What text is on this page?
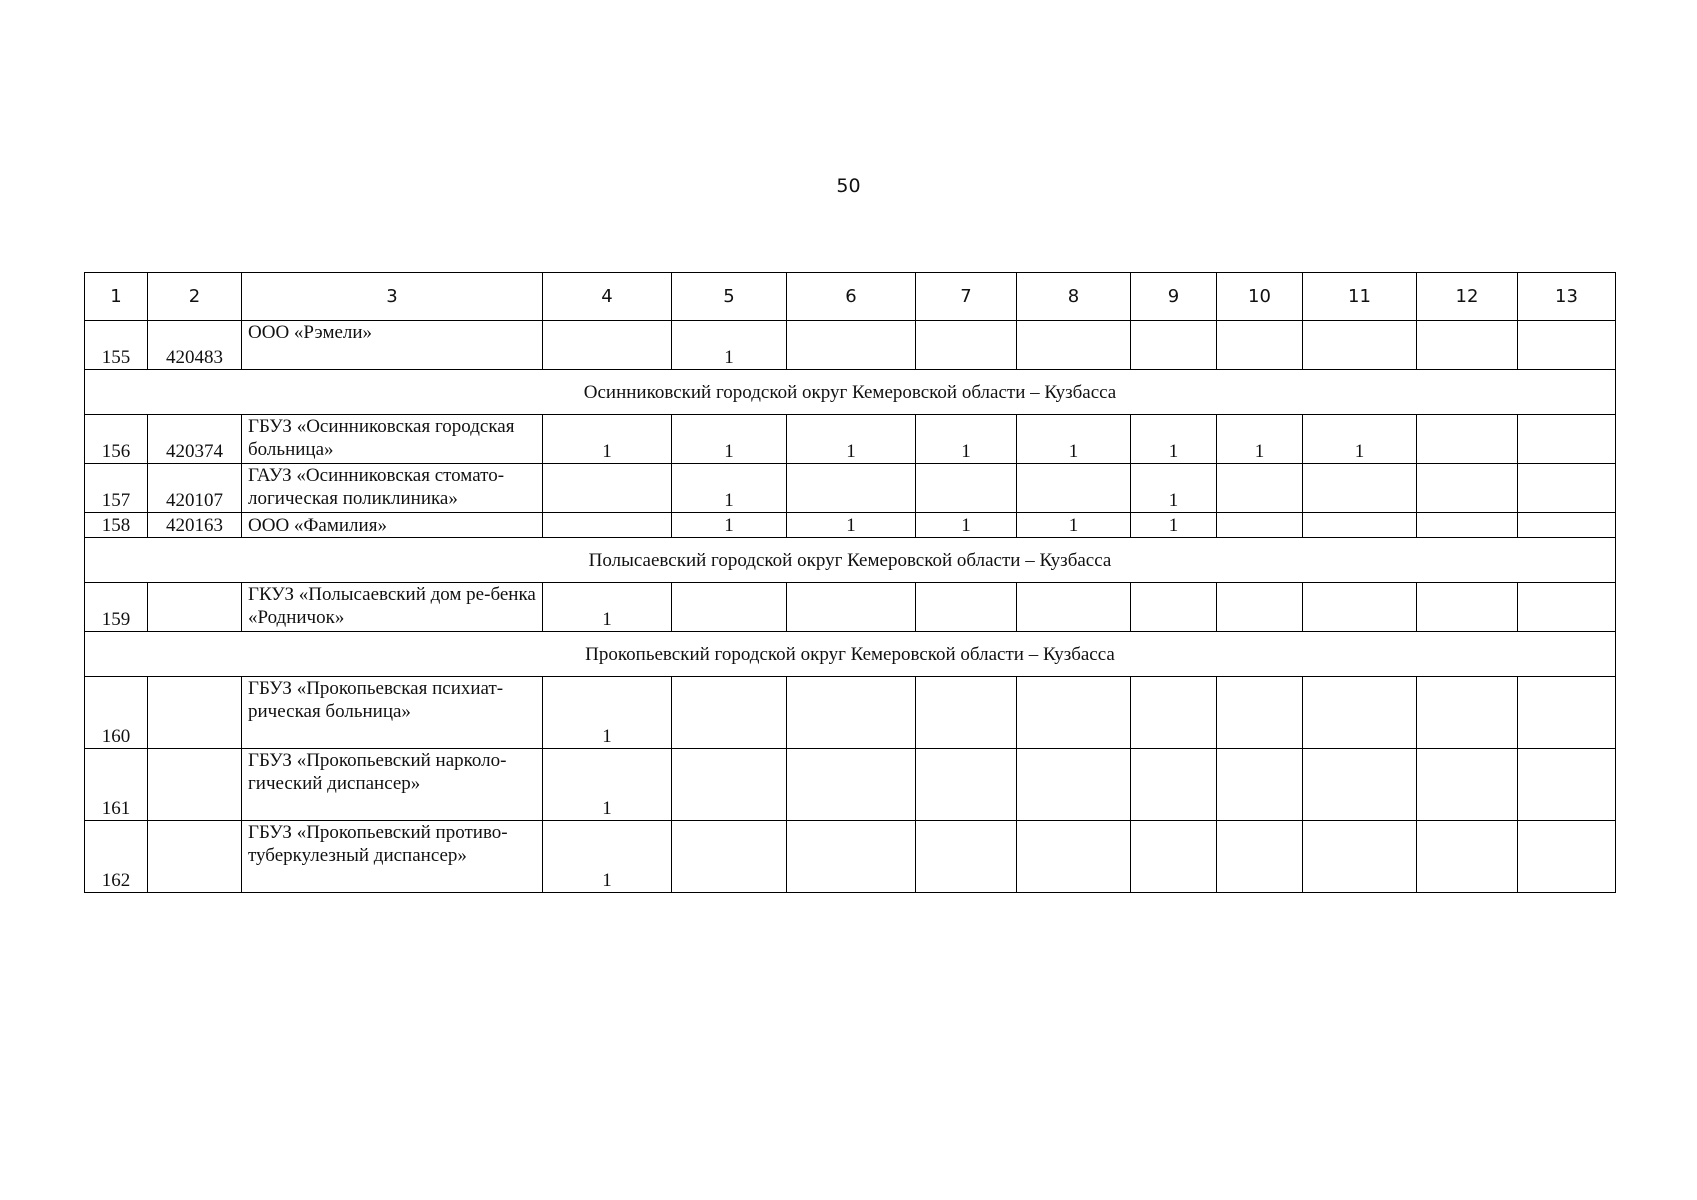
50
1	2	3	4	5	6	7	8	9	10	11	12	13
155	420483	ООО «Рэмели»		1								
Осинниковский городской округ Кемеровской области – Кузбасса												
156	420374	ГБУЗ «Осинниковская городская больница»	1	1	1	1	1	1	1	1		
157	420107	ГАУЗ «Осинниковская стомато-логическая поликлиника»		1				1				
158	420163	ООО «Фамилия»		1	1	1	1	1				
Полысаевский городской округ Кемеровской области – Кузбасса												
159		ГКУЗ «Полысаевский дом ре-бенка «Родничок»	1									
Прокопьевский городской округ Кемеровской области – Кузбасса												
160		ГБУЗ «Прокопьевская психиат-рическая больница»	1									
161		ГБУЗ «Прокопьевский нарколо-гический диспансер»	1									
162		ГБУЗ «Прокопьевский противо-туберкулезный диспансер»	1									
